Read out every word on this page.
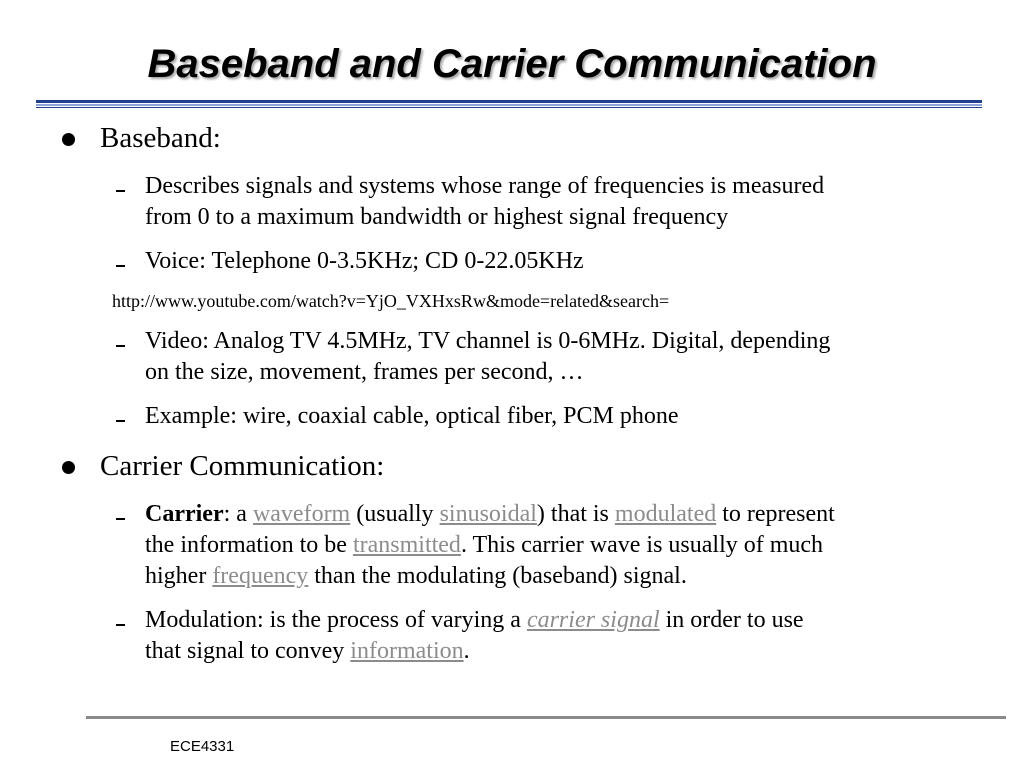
Baseband and Carrier Communication
Baseband:
Describes signals and systems whose range of frequencies is measured
from 0 to a maximum bandwidth or highest signal frequency
Voice: Telephone 0-3.5KHz; CD 0-22.05KHz
http://www.youtube.com/watch?v=YjO_VXHxsRw&mode=related&search=
Video: Analog TV 4.5MHz, TV channel is 0-6MHz. Digital, depending
on the size, movement, frames per second, …
Example: wire, coaxial cable, optical fiber, PCM phone
Carrier Communication:
Carrier: a waveform (usually sinusoidal) that is modulated to represent
the information to be transmitted. This carrier wave is usually of much
higher frequency than the modulating (baseband) signal.
Modulation: is the process of varying a carrier signal in order to use
that signal to convey information.
ECE4331
